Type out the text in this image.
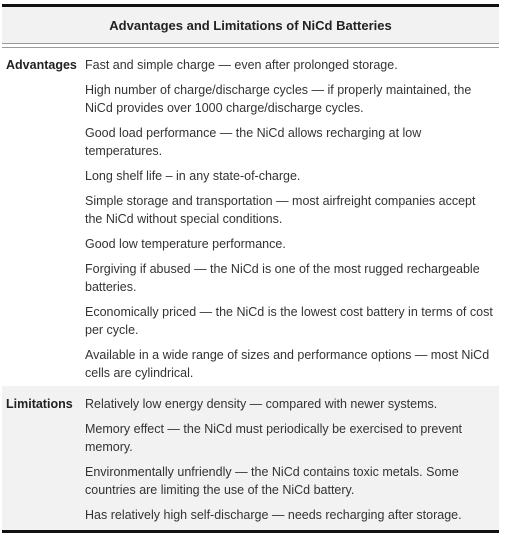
Advantages and Limitations of NiCd Batteries
Advantages Fast and simple charge — even after prolonged storage.
High number of charge/discharge cycles — if properly maintained, the NiCd provides over 1000 charge/discharge cycles.
Good load performance — the NiCd allows recharging at low temperatures.
Long shelf life – in any state-of-charge.
Simple storage and transportation — most airfreight companies accept the NiCd without special conditions.
Good low temperature performance.
Forgiving if abused — the NiCd is one of the most rugged rechargeable batteries.
Economically priced — the NiCd is the lowest cost battery in terms of cost per cycle.
Available in a wide range of sizes and performance options — most NiCd cells are cylindrical.
Limitations Relatively low energy density — compared with newer systems.
Memory effect — the NiCd must periodically be exercised to prevent memory.
Environmentally unfriendly — the NiCd contains toxic metals. Some countries are limiting the use of the NiCd battery.
Has relatively high self-discharge — needs recharging after storage.
